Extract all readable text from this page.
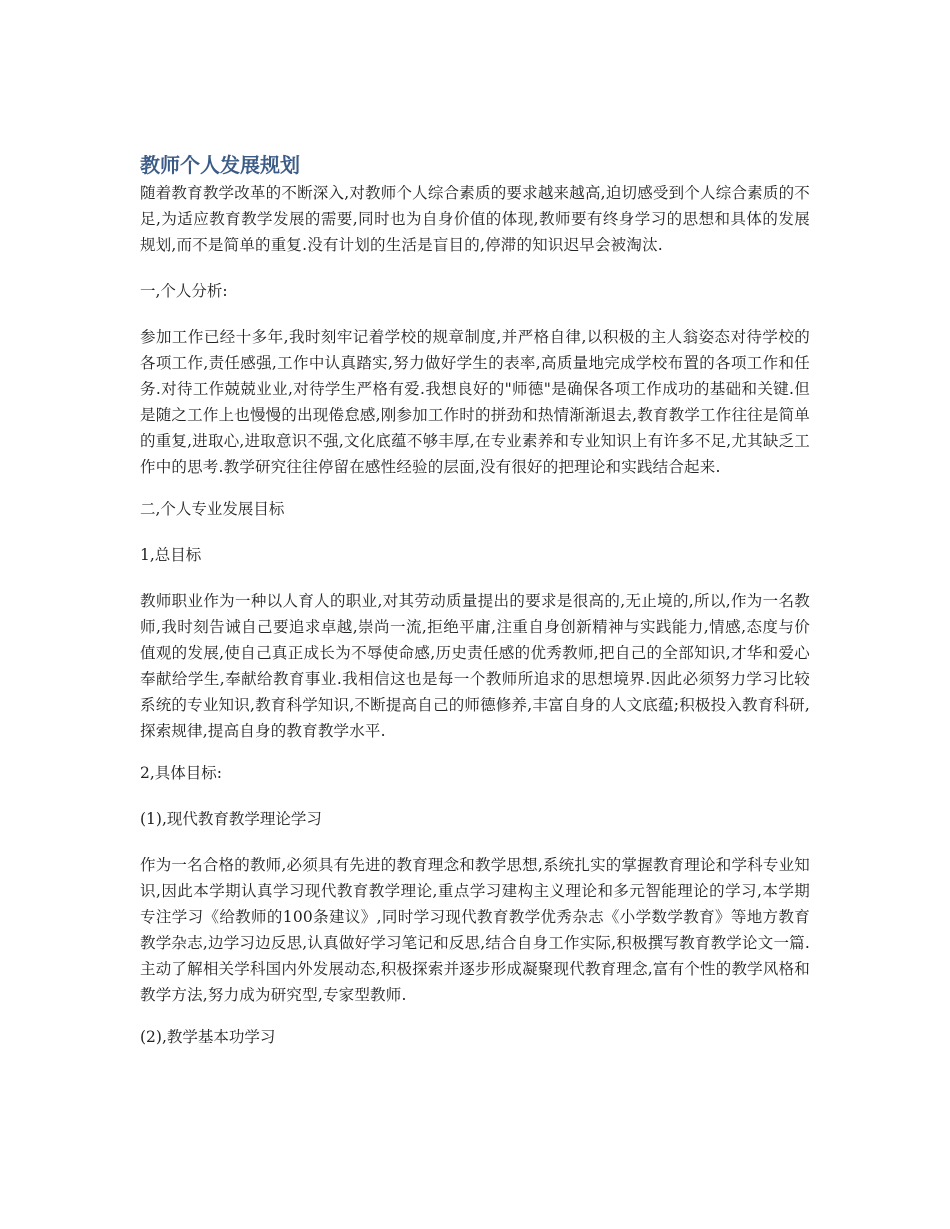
教师个人发展规划

随着教育教学改革的不断深入,对教师个人综合素质的要求越来越高,迫切感受到个人综合素质的不足,为适应教育教学发展的需要,同时也为自身价值的体现,教师要有终身学习的思想和具体的发展规划,而不是简单的重复.没有计划的生活是盲目的,停滞的知识迟早会被淘汰.

一,个人分析:

参加工作已经十多年,我时刻牢记着学校的规章制度,并严格自律,以积极的主人翁姿态对待学校的各项工作,责任感强,工作中认真踏实,努力做好学生的表率,高质量地完成学校布置的各项工作和任务.对待工作兢兢业业,对待学生严格有爱.我想良好的"师德"是确保各项工作成功的基础和关键.但是随之工作上也慢慢的出现倦怠感,刚参加工作时的拼劲和热情渐渐退去,教育教学工作往往是简单的重复,进取心,进取意识不强,文化底蕴不够丰厚,在专业素养和专业知识上有许多不足,尤其缺乏工作中的思考.教学研究往往停留在感性经验的层面,没有很好的把理论和实践结合起来.

二,个人专业发展目标

1,总目标

教师职业作为一种以人育人的职业,对其劳动质量提出的要求是很高的,无止境的,所以,作为一名教师,我时刻告诫自己要追求卓越,崇尚一流,拒绝平庸,注重自身创新精神与实践能力,情感,态度与价值观的发展,使自己真正成长为不辱使命感,历史责任感的优秀教师,把自己的全部知识,才华和爱心奉献给学生,奉献给教育事业.我相信这也是每一个教师所追求的思想境界.因此必须努力学习比较系统的专业知识,教育科学知识,不断提高自己的师德修养,丰富自身的人文底蕴;积极投入教育科研,探索规律,提高自身的教育教学水平.

2,具体目标:

(1),现代教育教学理论学习

作为一名合格的教师,必须具有先进的教育理念和教学思想,系统扎实的掌握教育理论和学科专业知识,因此本学期认真学习现代教育教学理论,重点学习建构主义理论和多元智能理论的学习,本学期专注学习《给教师的100条建议》,同时学习现代教育教学优秀杂志《小学数学教育》等地方教育教学杂志,边学习边反思,认真做好学习笔记和反思,结合自身工作实际,积极撰写教育教学论文一篇.主动了解相关学科国内外发展动态,积极探索并逐步形成凝聚现代教育理念,富有个性的教学风格和教学方法,努力成为研究型,专家型教师.

(2),教学基本功学习
